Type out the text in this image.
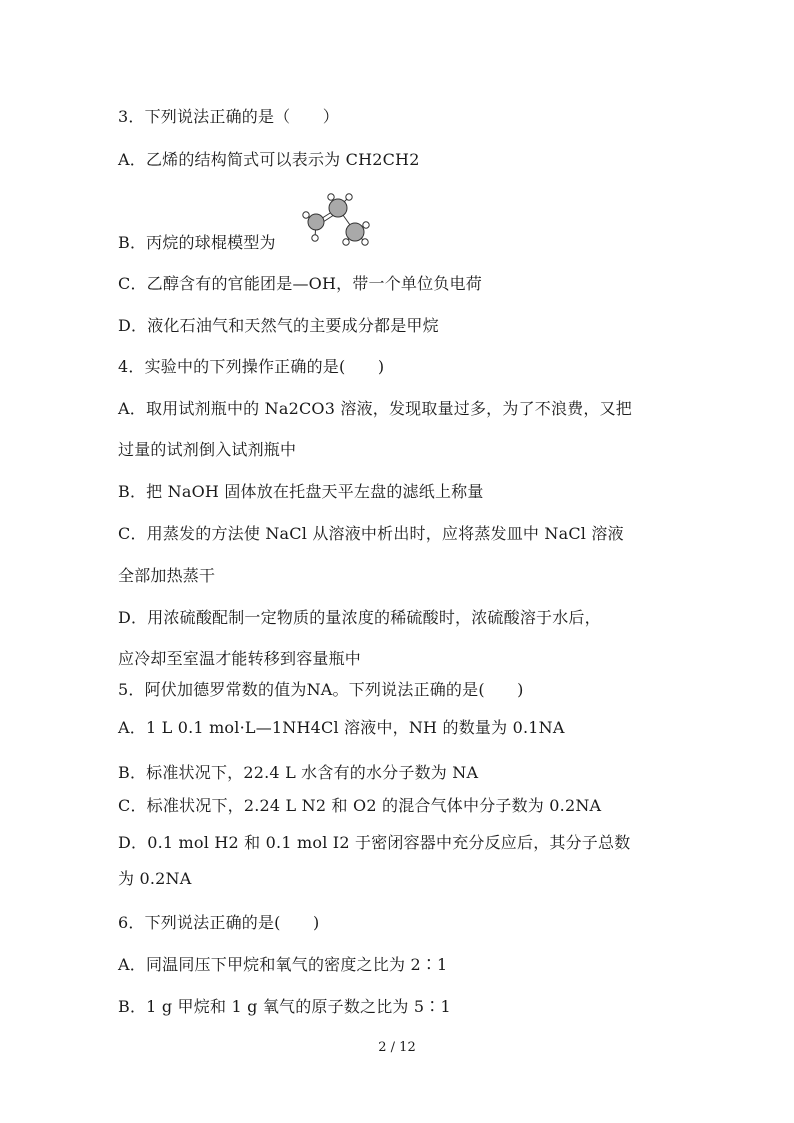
3．下列说法正确的是（　　）

A．乙烯的结构简式可以表示为 CH2CH2

B．丙烷的球棍模型为

C．乙醇含有的官能团是—OH，带一个单位负电荷

D．液化石油气和天然气的主要成分都是甲烷

4．实验中的下列操作正确的是(　　)

A．取用试剂瓶中的 Na2CO3 溶液，发现取量过多，为了不浪费，又把

过量的试剂倒入试剂瓶中

B．把 NaOH 固体放在托盘天平左盘的滤纸上称量

C．用蒸发的方法使 NaCl 从溶液中析出时，应将蒸发皿中 NaCl 溶液

全部加热蒸干

D．用浓硫酸配制一定物质的量浓度的稀硫酸时，浓硫酸溶于水后，

应冷却至室温才能转移到容量瓶中

5．阿伏加德罗常数的值为NA。下列说法正确的是(　　)

A．1 L 0.1 mol·L—1NH4Cl 溶液中，NH 的数量为 0.1NA

B．标准状况下，22.4 L 水含有的水分子数为 NA

C．标准状况下，2.24 L N2 和 O2 的混合气体中分子数为 0.2NA

D．0.1 mol H2 和 0.1 mol I2 于密闭容器中充分反应后，其分子总数

为 0.2NA

6．下列说法正确的是(　　)

A．同温同压下甲烷和氧气的密度之比为 2∶1

B．1 g 甲烷和 1 g 氧气的原子数之比为 5∶1

2 / 12
